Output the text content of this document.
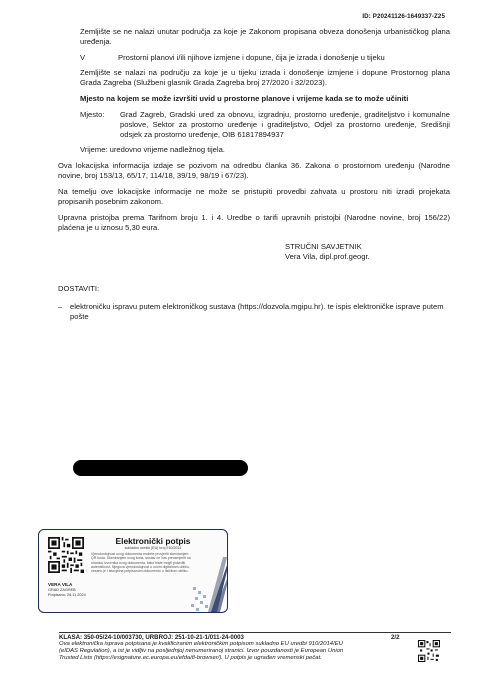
ID: P20241126-1649337-Z25

Zemljište se ne nalazi unutar područja za koje je Zakonom propisana obveza donošenja urbanističkog plana uređenja.

V	Prostorni planovi i/ili njihove izmjene i dopune, čija je izrada i donošenje u tijeku

Zemljište se nalazi na području za koje je u tijeku izrada i donošenje izmjene i dopune Prostornog plana Grada Zagreba (Službeni glasnik Grada Zagreba broj 27/2020 i 32/2023).

Mjesto na kojem se može izvršiti uvid u prostorne planove i vrijeme kada se to može učiniti
Mjesto:	Grad Zagreb, Gradski ured za obnovu, izgradnju, prostorno uređenje, graditeljstvo i komunalne poslove, Sektor za prostorno uređenje i graditeljstvo, Odjel za prostorno uređenje, Središnji odsjek za prostorno uređenje, OIB 61817894937
Vrijeme: uredovno vrijeme nadležnog tijela.

Ova lokacijska informacija izdaje se pozivom na odredbu članka 36. Zakona o prostornom uređenju (Narodne novine, broj 153/13, 65/17, 114/18, 39/19, 98/19 i 67/23).

Na temelju ove lokacijske informacije ne može se pristupiti provedbi zahvata u prostoru niti izradi projekata propisanih posebnim zakonom.

Upravna pristojba prema Tarifnom broju 1. i 4. Uredbe o tarifi upravnih pristojbi (Narodne novine, broj 156/22) plaćena je u iznosu 5,30 eura.

STRUČNI SAVJETNIK
Vera Vila, dipl.prof.geogr.
DOSTAVITI:
–	elektroničku ispravu putem elektroničkog sustava (https://dozvola.mgipu.hr). te ispis elektroničke isprave putem pošte
VERA VILA
GRAD ZAGREB
Potpisano: 26.11.2024
Elektronički potpis
sukladno uredbi (EU) broj 910/2014
Vjerodostojnost ovog dokumenta možete provjeriti skeniranjem QR koda. Skeniranjem ovog koda, sustav će Vas preusmjeriti na stranicu izvornika ovog dokumenta, kako biste mogli potvrditi autentičnost. Njegova vjerodostojnost u ovom digitalnom obliku, vezano je i istovjetna potpisanom dokumentu u fizičkom obliku.
KLASA: 350-05/24-10/003730, URBROJ: 251-10-21-1/011-24-0003	2/2
Ova elektronička isprava potpisana je kvalificiranim elektroničkim potpisom sukladno EU uredbi 910/2014/EU (eIDAS Regulation), a ist je vidljiv na posljednjoj nenumeriranoj stranici. Izvor pouzdanosti je European Union Trusted Lists (https://esignature.ec.europa.eu/efda/tl-browser/). U potpis je ugrađen vremenski pečat.
